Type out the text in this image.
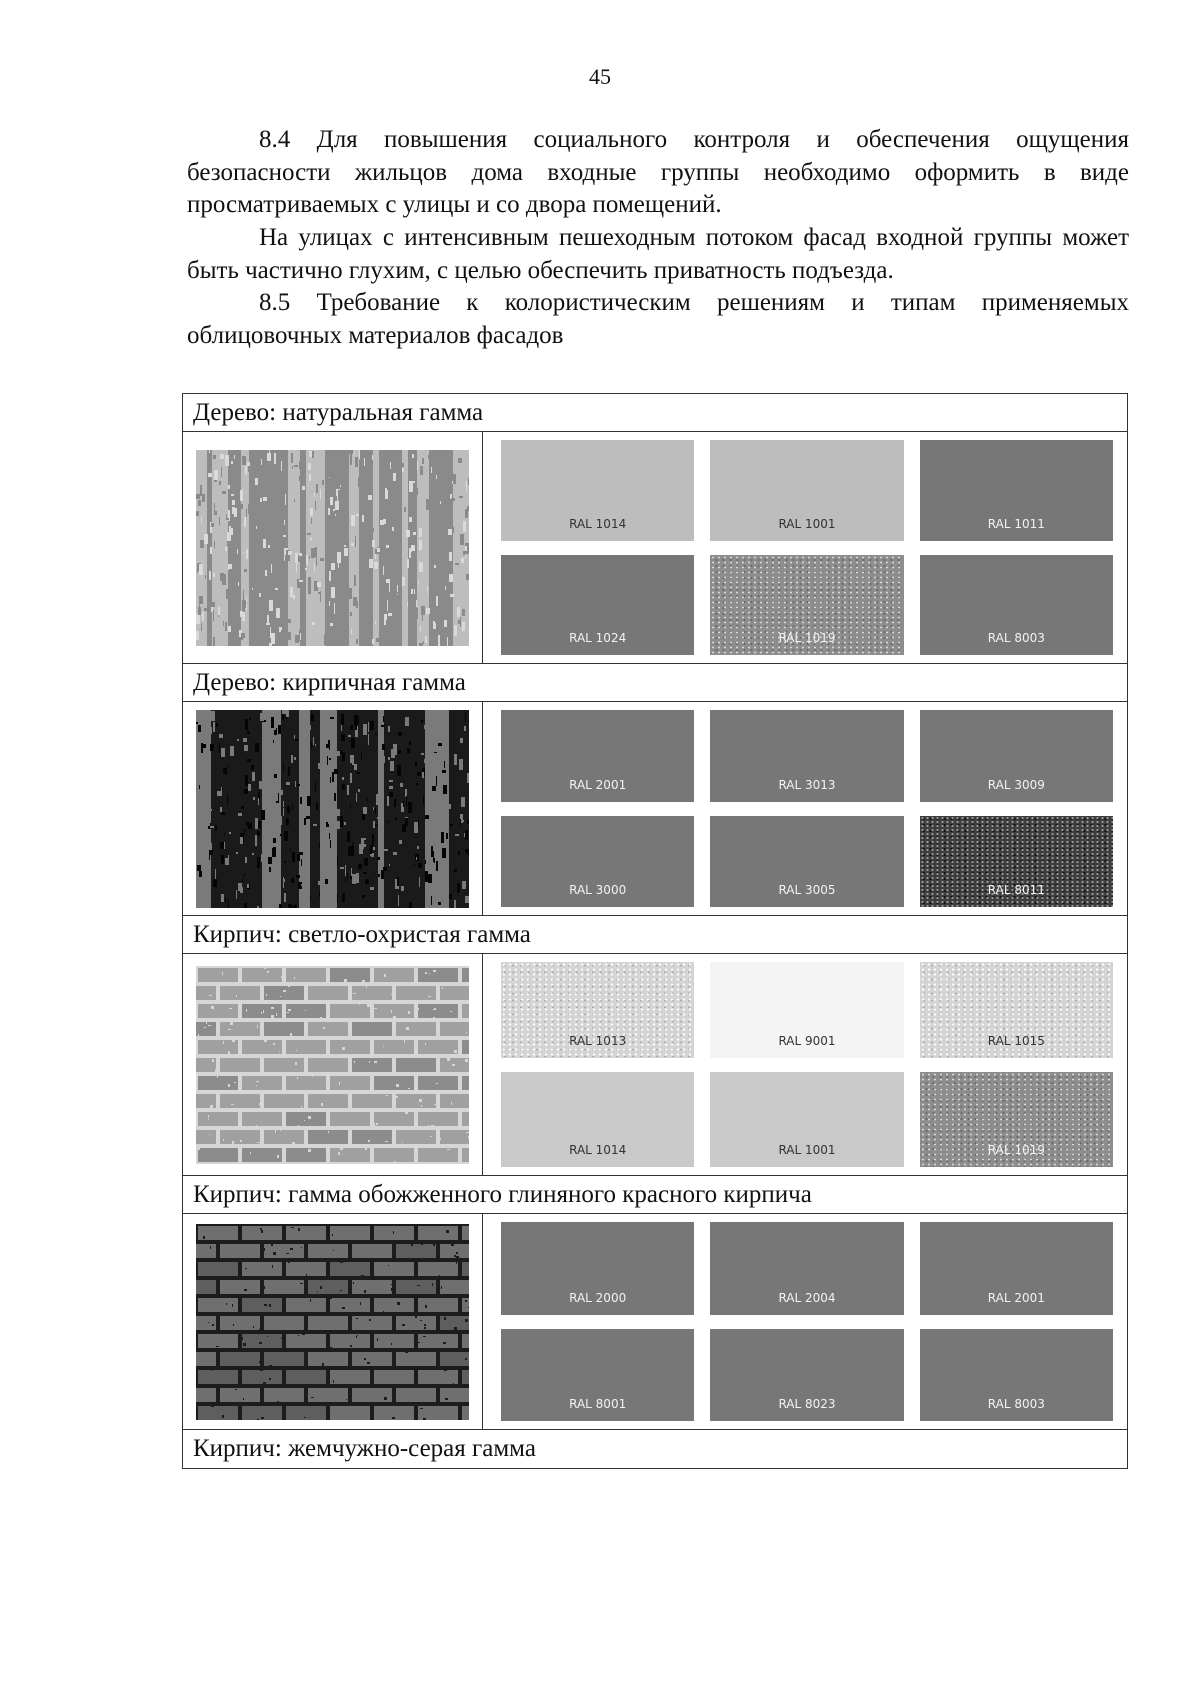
45

8.4 Для повышения социального контроля и обеспечения ощущения безопасности жильцов дома входные группы необходимо оформить в виде просматриваемых с улицы и со двора помещений.

На улицах с интенсивным пешеходным потоком фасад входной группы может быть частично глухим, с целью обеспечить приватность подъезда.

8.5 Требование к колористическим решениям и типам применяемых облицовочных материалов фасадов

Дерево: натуральная гамма
RAL 1014	RAL 1001	RAL 1011
RAL 1024	RAL 1019	RAL 8003
Дерево: кирпичная гамма
RAL 2001	RAL 3013	RAL 3009
RAL 3000	RAL 3005	RAL 8011
Кирпич: светло-охристая гамма
RAL 1013	RAL 9001	RAL 1015
RAL 1014	RAL 1001	RAL 1019
Кирпич: гамма обожженного глиняного красного кирпича
RAL 2000	RAL 2004	RAL 2001
RAL 8001	RAL 8023	RAL 8003
Кирпич: жемчужно-серая гамма
